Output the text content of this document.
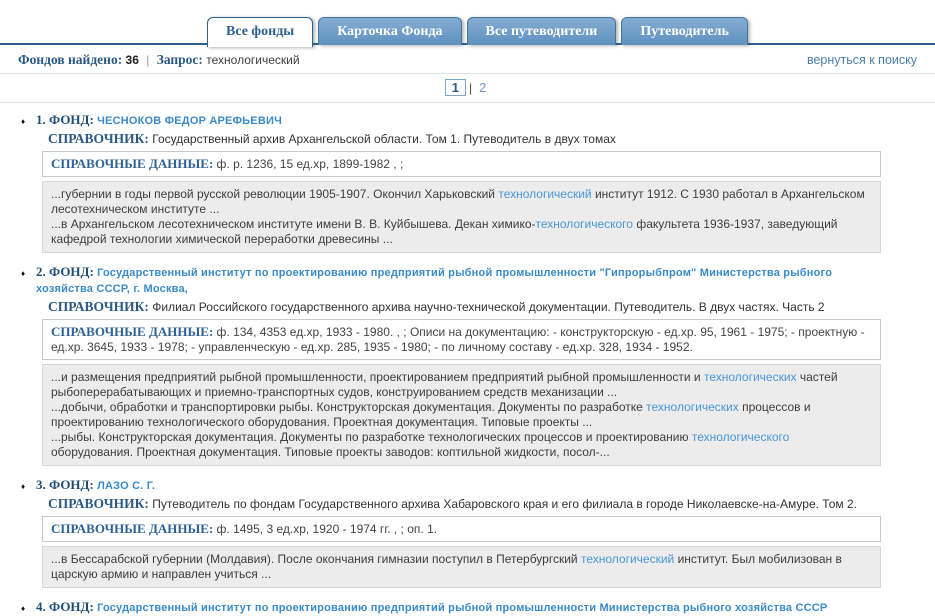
Все фонды	Карточка Фонда	Все путеводители	Путеводитель
Фондов найдено: 36 | Запрос: технологический	вернуться к поиску
1 | 2
♦ 1. ФОНД: ЧЕСНОКОВ ФЕДОР АРЕФЬЕВИЧ
СПРАВОЧНИК: Государственный архив Архангельской области. Том 1. Путеводитель в двух томах
СПРАВОЧНЫЕ ДАННЫЕ: ф. р. 1236, 15 ед.хр, 1899-1982 , ;
...губернии в годы первой русской революции 1905-1907. Окончил Харьковский технологический институт 1912. С 1930 работал в Архангельском лесотехническом институте ...
...в Архангельском лесотехническом институте имени В. В. Куйбышева. Декан химико-технологического факультета 1936-1937, заведующий кафедрой технологии химической переработки древесины ...
♦ 2. ФОНД: Государственный институт по проектированию предприятий рыбной промышленности "Гипрорыбпром" Министерства рыбного хозяйства СССР, г. Москва,
СПРАВОЧНИК: Филиал Российского государственного архива научно-технической документации. Путеводитель. В двух частях. Часть 2
СПРАВОЧНЫЕ ДАННЫЕ: ф. 134, 4353 ед.хр, 1933 - 1980. , ; Описи на документацию: - конструкторскую - ед.хр. 95, 1961 - 1975; - проектную - ед.хр. 3645, 1933 - 1978; - управленческую - ед.хр. 285, 1935 - 1980; - по личному составу - ед.хр. 328, 1934 - 1952.
...и размещения предприятий рыбной промышленности, проектированием предприятий рыбной промышленности и технологических частей рыбоперерабатывающих и приемно-транспортных судов, конструированием средств механизации ...
...добычи, обработки и транспортировки рыбы. Конструкторская документация. Документы по разработке технологических процессов и проектированию технологического оборудования. Проектная документация. Типовые проекты ...
...рыбы. Конструкторская документация. Документы по разработке технологических процессов и проектированию технологического оборудования. Проектная документация. Типовые проекты заводов: коптильной жидкости, посол-...
♦ 3. ФОНД: ЛАЗО С. Г.
СПРАВОЧНИК: Путеводитель по фондам Государственного архива Хабаровского края и его филиала в городе Николаевске-на-Амуре. Том 2.
СПРАВОЧНЫЕ ДАННЫЕ: ф. 1495, 3 ед.хр, 1920 - 1974 гг. , ; оп. 1.
...в Бессарабской губернии (Молдавия). После окончания гимназии поступил в Петербургский технологический институт. Был мобилизован в царскую армию и направлен учиться ...
♦ 4. ФОНД: Государственный институт по проектированию предприятий рыбной промышленности Министерства рыбного хозяйства СССР
